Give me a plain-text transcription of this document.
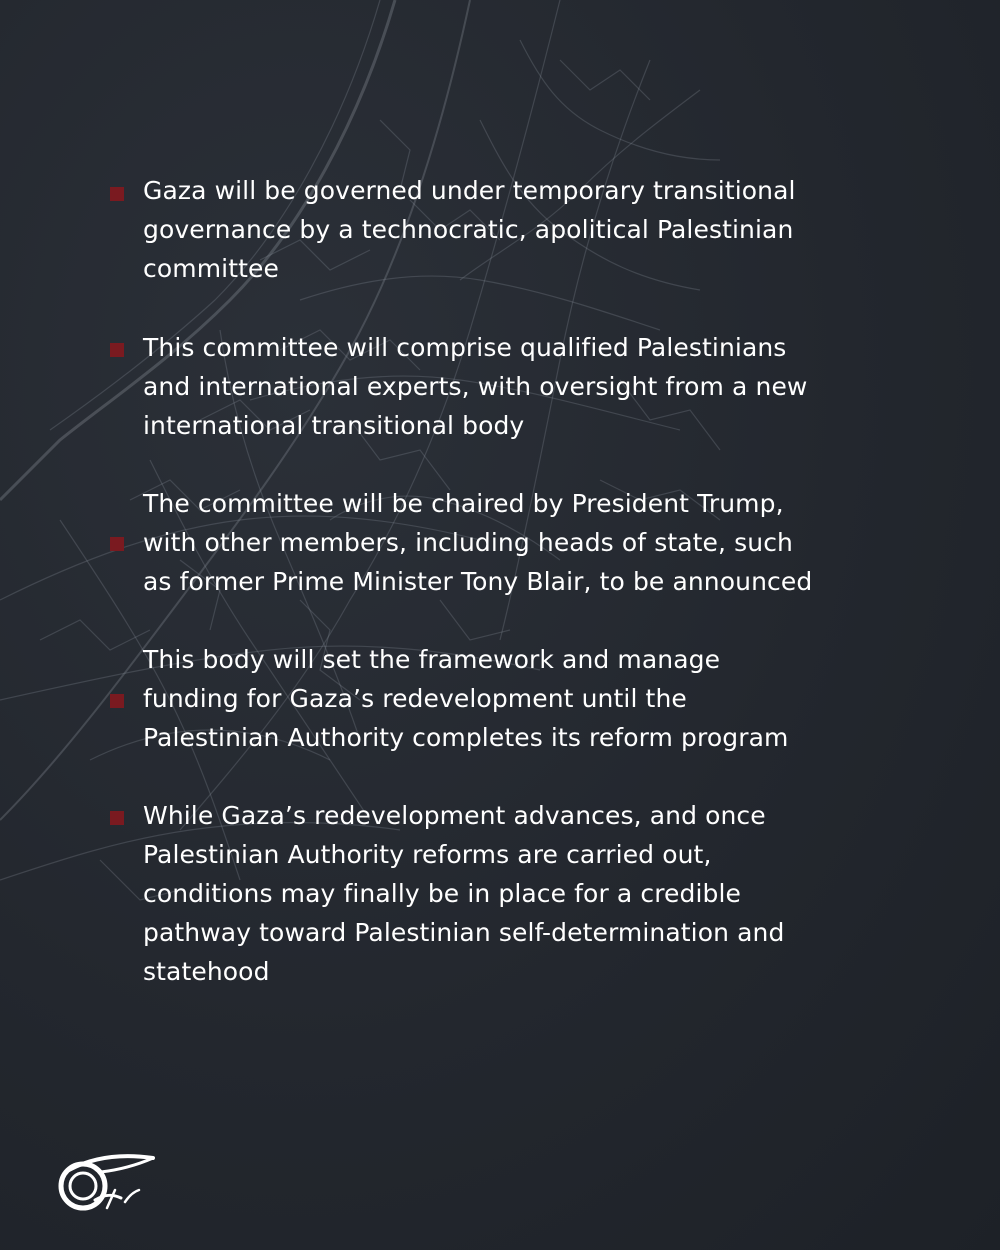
Gaza will be governed under temporary transitional
governance by a technocratic, apolitical Palestinian
committee
This committee will comprise qualified Palestinians
and international experts, with oversight from a new
international transitional body
The committee will be chaired by President Trump,
with other members, including heads of state, such
as former Prime Minister Tony Blair, to be announced
This body will set the framework and manage
funding for Gaza’s redevelopment until the
Palestinian Authority completes its reform program
While Gaza’s redevelopment advances, and once
Palestinian Authority reforms are carried out,
conditions may finally be in place for a credible
pathway toward Palestinian self-determination and
statehood
